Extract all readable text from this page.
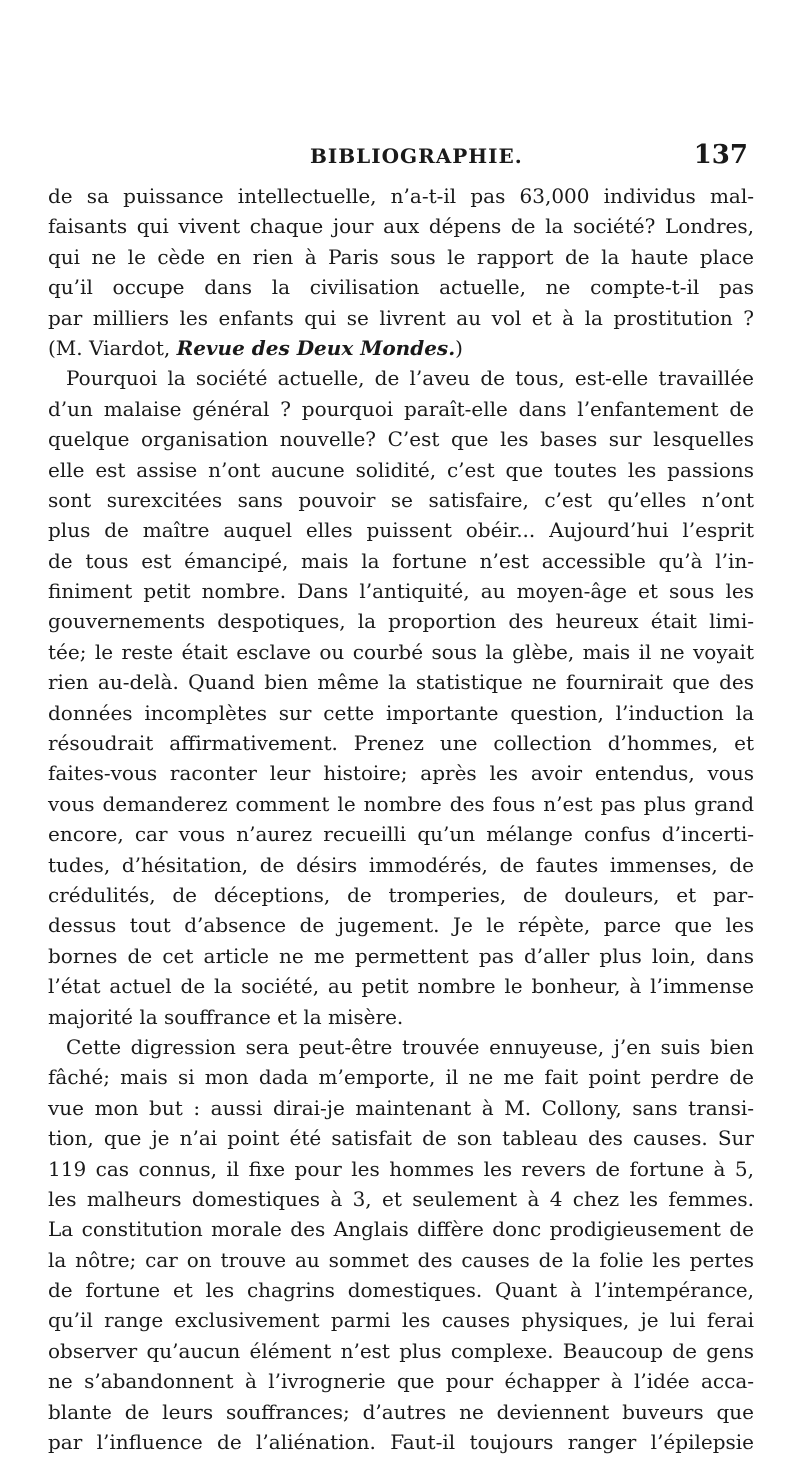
BIBLIOGRAPHIE.	137
de sa puissance intellectuelle, n’a-t-il pas 63,000 individus mal-
faisants qui vivent chaque jour aux dépens de la société? Londres,
qui ne le cède en rien à Paris sous le rapport de la haute place
qu’il occupe dans la civilisation actuelle, ne compte-t-il pas
par milliers les enfants qui se livrent au vol et à la prostitution ?
(M. Viardot, Revue des Deux Mondes.)
Pourquoi la société actuelle, de l’aveu de tous, est-elle travaillée
d’un malaise général ? pourquoi paraît-elle dans l’enfantement de
quelque organisation nouvelle? C’est que les bases sur lesquelles
elle est assise n’ont aucune solidité, c’est que toutes les passions
sont surexcitées sans pouvoir se satisfaire, c’est qu’elles n’ont
plus de maître auquel elles puissent obéir... Aujourd’hui l’esprit
de tous est émancipé, mais la fortune n’est accessible qu’à l’in-
finiment petit nombre. Dans l’antiquité, au moyen-âge et sous les
gouvernements despotiques, la proportion des heureux était limi-
tée; le reste était esclave ou courbé sous la glèbe, mais il ne voyait
rien au-delà. Quand bien même la statistique ne fournirait que des
données incomplètes sur cette importante question, l’induction la
résoudrait affirmativement. Prenez une collection d’hommes, et
faites-vous raconter leur histoire; après les avoir entendus, vous
vous demanderez comment le nombre des fous n’est pas plus grand
encore, car vous n’aurez recueilli qu’un mélange confus d’incerti-
tudes, d’hésitation, de désirs immodérés, de fautes immenses, de
crédulités, de déceptions, de tromperies, de douleurs, et par-
dessus tout d’absence de jugement. Je le répète, parce que les
bornes de cet article ne me permettent pas d’aller plus loin, dans
l’état actuel de la société, au petit nombre le bonheur, à l’immense
majorité la souffrance et la misère.
Cette digression sera peut-être trouvée ennuyeuse, j’en suis bien
fâché; mais si mon dada m’emporte, il ne me fait point perdre de
vue mon but : aussi dirai-je maintenant à M. Collony, sans transi-
tion, que je n’ai point été satisfait de son tableau des causes. Sur
119 cas connus, il fixe pour les hommes les revers de fortune à 5,
les malheurs domestiques à 3, et seulement à 4 chez les femmes.
La constitution morale des Anglais diffère donc prodigieusement de
la nôtre; car on trouve au sommet des causes de la folie les pertes
de fortune et les chagrins domestiques. Quant à l’intempérance,
qu’il range exclusivement parmi les causes physiques, je lui ferai
observer qu’aucun élément n’est plus complexe. Beaucoup de gens
ne s’abandonnent à l’ivrognerie que pour échapper à l’idée acca-
blante de leurs souffrances; d’autres ne deviennent buveurs que
par l’influence de l’aliénation. Faut-il toujours ranger l’épilepsie
